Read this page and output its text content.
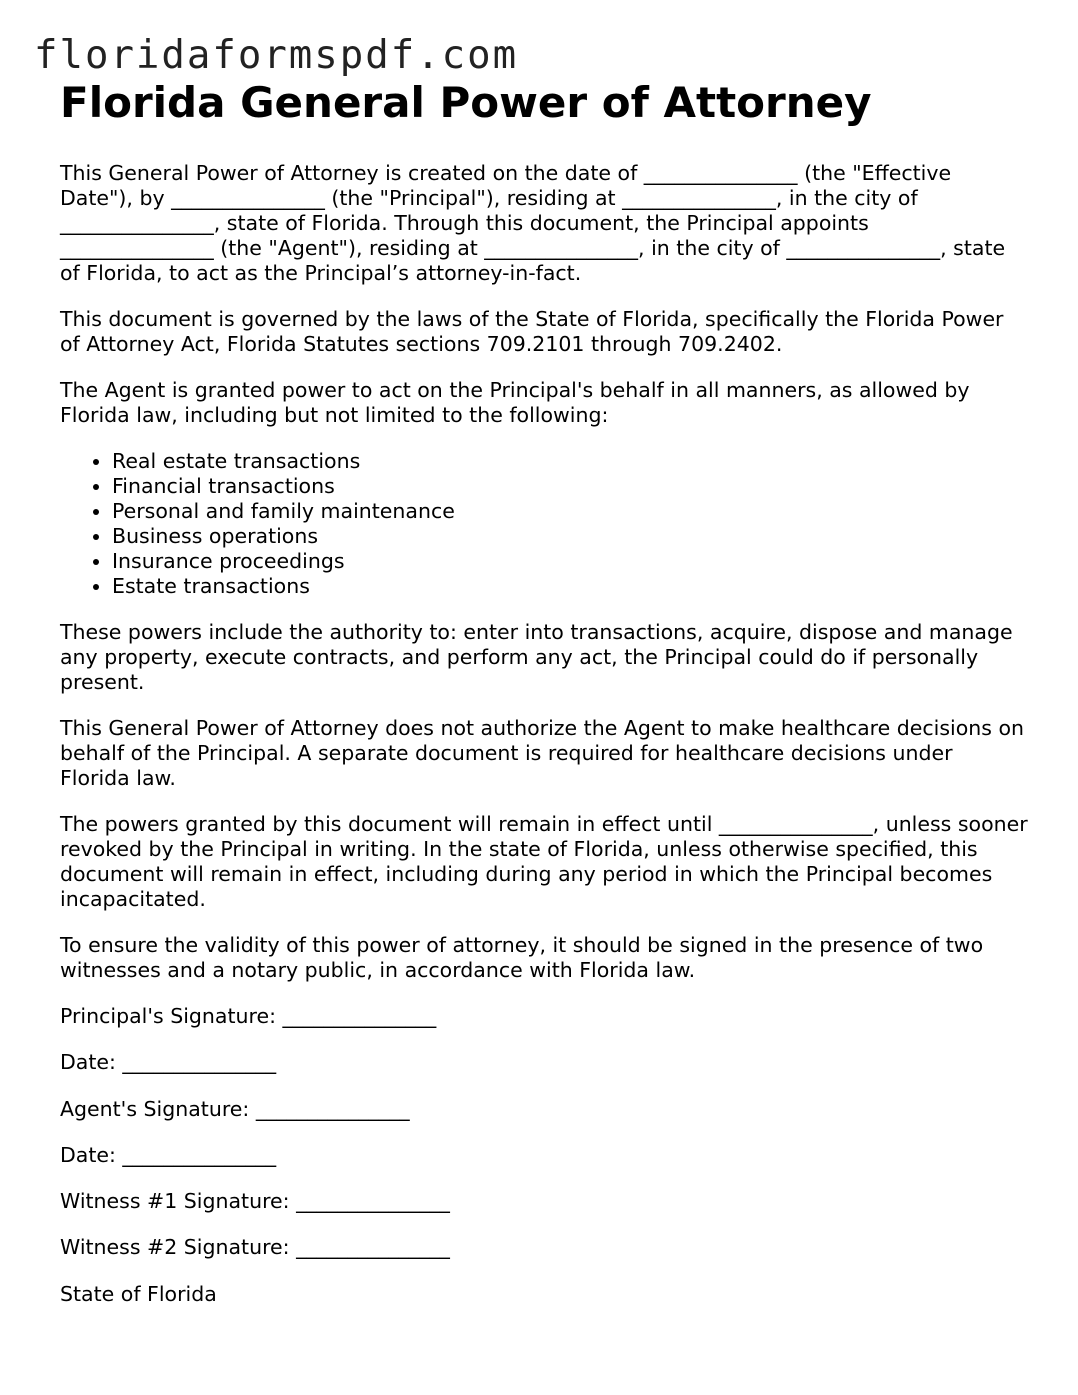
floridaformspdf.com
Florida General Power of Attorney

This General Power of Attorney is created on the date of _______________ (the "Effective Date"), by _______________ (the "Principal"), residing at _______________, in the city of _______________, state of Florida. Through this document, the Principal appoints _______________ (the "Agent"), residing at _______________, in the city of _______________, state of Florida, to act as the Principal’s attorney-in-fact.

This document is governed by the laws of the State of Florida, specifically the Florida Power of Attorney Act, Florida Statutes sections 709.2101 through 709.2402.

The Agent is granted power to act on the Principal's behalf in all manners, as allowed by Florida law, including but not limited to the following:

• Real estate transactions
• Financial transactions
• Personal and family maintenance
• Business operations
• Insurance proceedings
• Estate transactions

These powers include the authority to: enter into transactions, acquire, dispose and manage any property, execute contracts, and perform any act, the Principal could do if personally present.

This General Power of Attorney does not authorize the Agent to make healthcare decisions on behalf of the Principal. A separate document is required for healthcare decisions under Florida law.

The powers granted by this document will remain in effect until _______________, unless sooner revoked by the Principal in writing. In the state of Florida, unless otherwise specified, this document will remain in effect, including during any period in which the Principal becomes incapacitated.

To ensure the validity of this power of attorney, it should be signed in the presence of two witnesses and a notary public, in accordance with Florida law.

Principal's Signature: _______________
Date: _______________
Agent's Signature: _______________
Date: _______________
Witness #1 Signature: _______________
Witness #2 Signature: _______________
State of Florida
